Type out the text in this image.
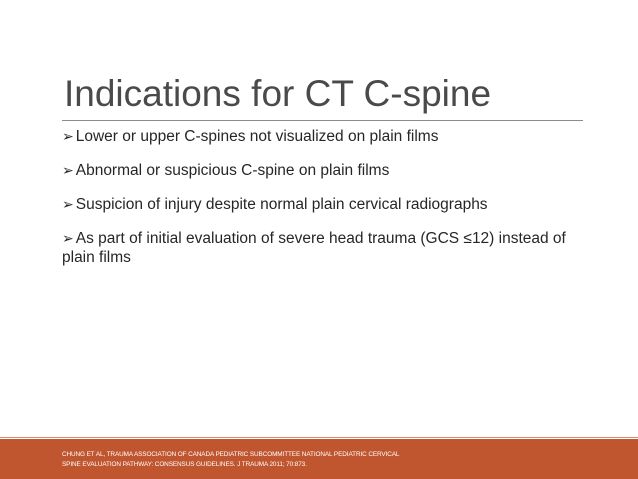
Indications for CT C-spine
➢ Lower or upper C-spines not visualized on plain films
➢ Abnormal or suspicious C-spine on plain films
➢ Suspicion of injury despite normal plain cervical radiographs
➢ As part of initial evaluation of severe head trauma (GCS ≤12) instead of plain films

CHUNG ET AL, TRAUMA ASSOCIATION OF CANADA PEDIATRIC SUBCOMMITTEE NATIONAL PEDIATRIC CERVICAL
SPINE EVALUATION PATHWAY: CONSENSUS GUIDELINES. J TRAUMA 2011; 70:873.
